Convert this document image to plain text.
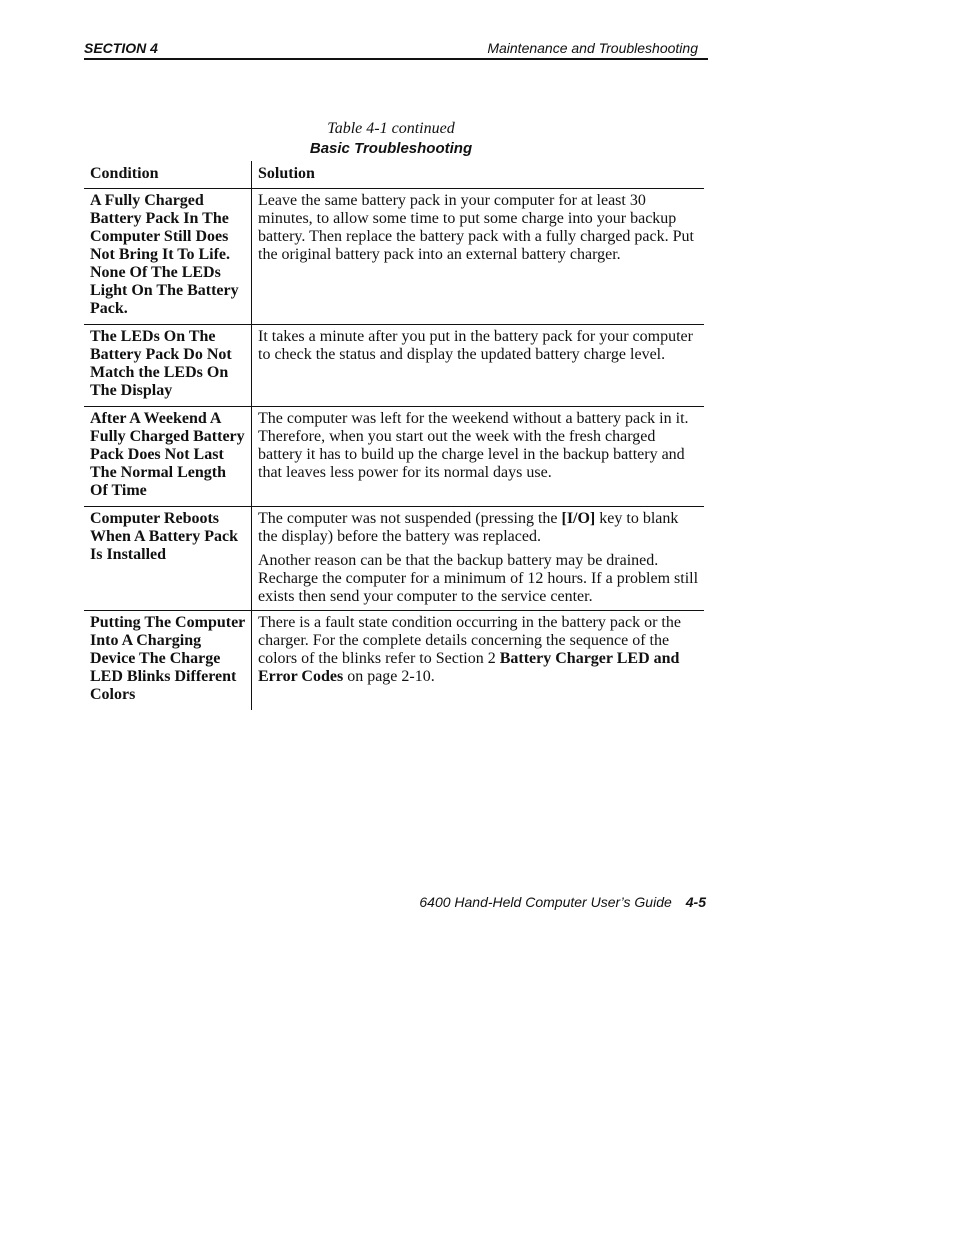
SECTION 4	Maintenance and Troubleshooting
Table 4-1 continued
Basic Troubleshooting
Condition	Solution
A Fully Charged Battery Pack In The Computer Still Does Not Bring It To Life. None Of The LEDs Light On The Battery Pack.	Leave the same battery pack in your computer for at least 30 minutes, to allow some time to put some charge into your backup battery. Then replace the battery pack with a fully charged pack. Put the original battery pack into an external battery charger.

The LEDs On The Battery Pack Do Not Match the LEDs On The Display	It takes a minute after you put in the battery pack for your computer to check the status and display the updated battery charge level.

After A Weekend A Fully Charged Battery Pack Does Not Last The Normal Length Of Time	The computer was left for the weekend without a battery pack in it. Therefore, when you start out the week with the fresh charged battery it has to build up the charge level in the backup battery and that leaves less power for its normal days use.

Computer Reboots When A Battery Pack Is Installed	The computer was not suspended (pressing the [I/O] key to blank the display) before the battery was replaced.

Another reason can be that the backup battery may be drained. Recharge the computer for a minimum of 12 hours. If a problem still exists then send your computer to the service center.

Putting The Computer Into A Charging Device The Charge LED Blinks Different Colors	There is a fault state condition occurring in the battery pack or the charger. For the complete details concerning the sequence of the colors of the blinks refer to Section 2 Battery Charger LED and Error Codes on page 2-10.

6400 Hand-Held Computer User’s Guide 4-5
